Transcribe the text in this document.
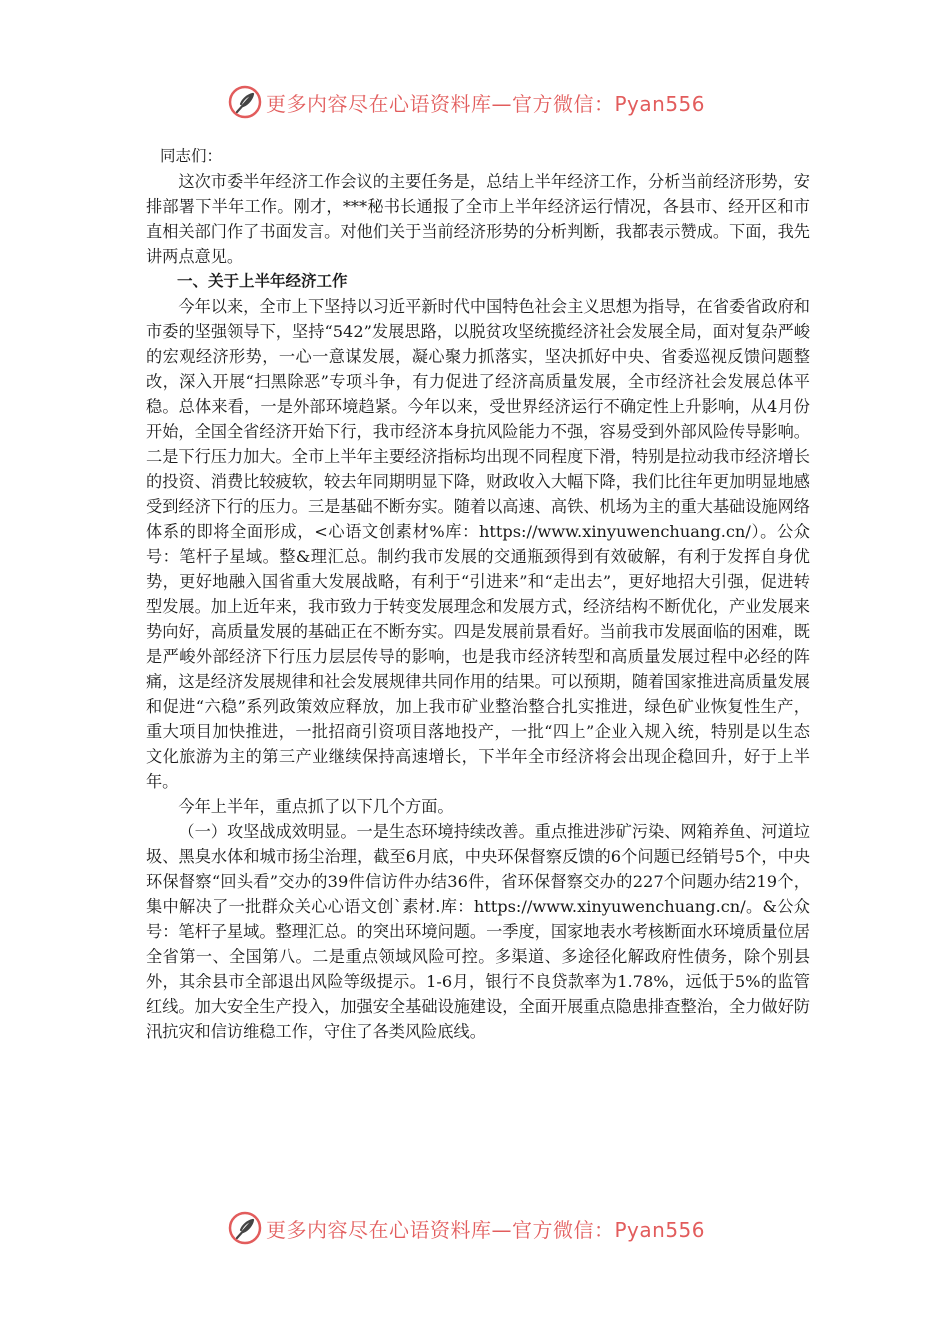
更多内容尽在心语资料库—官方微信：Pyan556

同志们：

这次市委半年经济工作会议的主要任务是，总结上半年经济工作，分析当前经济形势，安排部署下半年工作。刚才，***秘书长通报了全市上半年经济运行情况，各县市、经开区和市直相关部门作了书面发言。对他们关于当前经济形势的分析判断，我都表示赞成。下面，我先讲两点意见。

一、关于上半年经济工作

今年以来，全市上下坚持以习近平新时代中国特色社会主义思想为指导，在省委省政府和市委的坚强领导下，坚持“542”发展思路，以脱贫攻坚统揽经济社会发展全局，面对复杂严峻的宏观经济形势，一心一意谋发展，凝心聚力抓落实，坚决抓好中央、省委巡视反馈问题整改，深入开展“扫黑除恶”专项斗争，有力促进了经济高质量发展，全市经济社会发展总体平稳。总体来看，一是外部环境趋紧。今年以来，受世界经济运行不确定性上升影响，从4月份开始，全国全省经济开始下行，我市经济本身抗风险能力不强，容易受到外部风险传导影响。二是下行压力加大。全市上半年主要经济指标均出现不同程度下滑，特别是拉动我市经济增长的投资、消费比较疲软，较去年同期明显下降，财政收入大幅下降，我们比往年更加明显地感受到经济下行的压力。三是基础不断夯实。随着以高速、高铁、机场为主的重大基础设施网络体系的即将全面形成，<心语文创素材%库：https://www.xinyuwenchuang.cn/）。公众号：笔杆子星域。整&理汇总。制约我市发展的交通瓶颈得到有效破解，有利于发挥自身优势，更好地融入国省重大发展战略，有利于“引进来”和“走出去”，更好地招大引强，促进转型发展。加上近年来，我市致力于转变发展理念和发展方式，经济结构不断优化，产业发展来势向好，高质量发展的基础正在不断夯实。四是发展前景看好。当前我市发展面临的困难，既是严峻外部经济下行压力层层传导的影响，也是我市经济转型和高质量发展过程中必经的阵痛，这是经济发展规律和社会发展规律共同作用的结果。可以预期，随着国家推进高质量发展和促进“六稳”系列政策效应释放，加上我市矿业整治整合扎实推进，绿色矿业恢复性生产，重大项目加快推进，一批招商引资项目落地投产，一批“四上”企业入规入统，特别是以生态文化旅游为主的第三产业继续保持高速增长，下半年全市经济将会出现企稳回升，好于上半年。

今年上半年，重点抓了以下几个方面。

（一）攻坚战成效明显。一是生态环境持续改善。重点推进涉矿污染、网箱养鱼、河道垃圾、黑臭水体和城市扬尘治理，截至6月底，中央环保督察反馈的6个问题已经销号5个，中央环保督察“回头看”交办的39件信访件办结36件，省环保督察交办的227个问题办结219个，集中解决了一批群众关心心语文创`素材.库：https://www.xinyuwenchuang.cn/。&公众号：笔杆子星域。整理汇总。的突出环境问题。一季度，国家地表水考核断面水环境质量位居全省第一、全国第八。二是重点领域风险可控。多渠道、多途径化解政府性债务，除个别县外，其余县市全部退出风险等级提示。1-6月，银行不良贷款率为1.78%，远低于5%的监管红线。加大安全生产投入，加强安全基础设施建设，全面开展重点隐患排查整治，全力做好防汛抗灾和信访维稳工作，守住了各类风险底线。

更多内容尽在心语资料库—官方微信：Pyan556
